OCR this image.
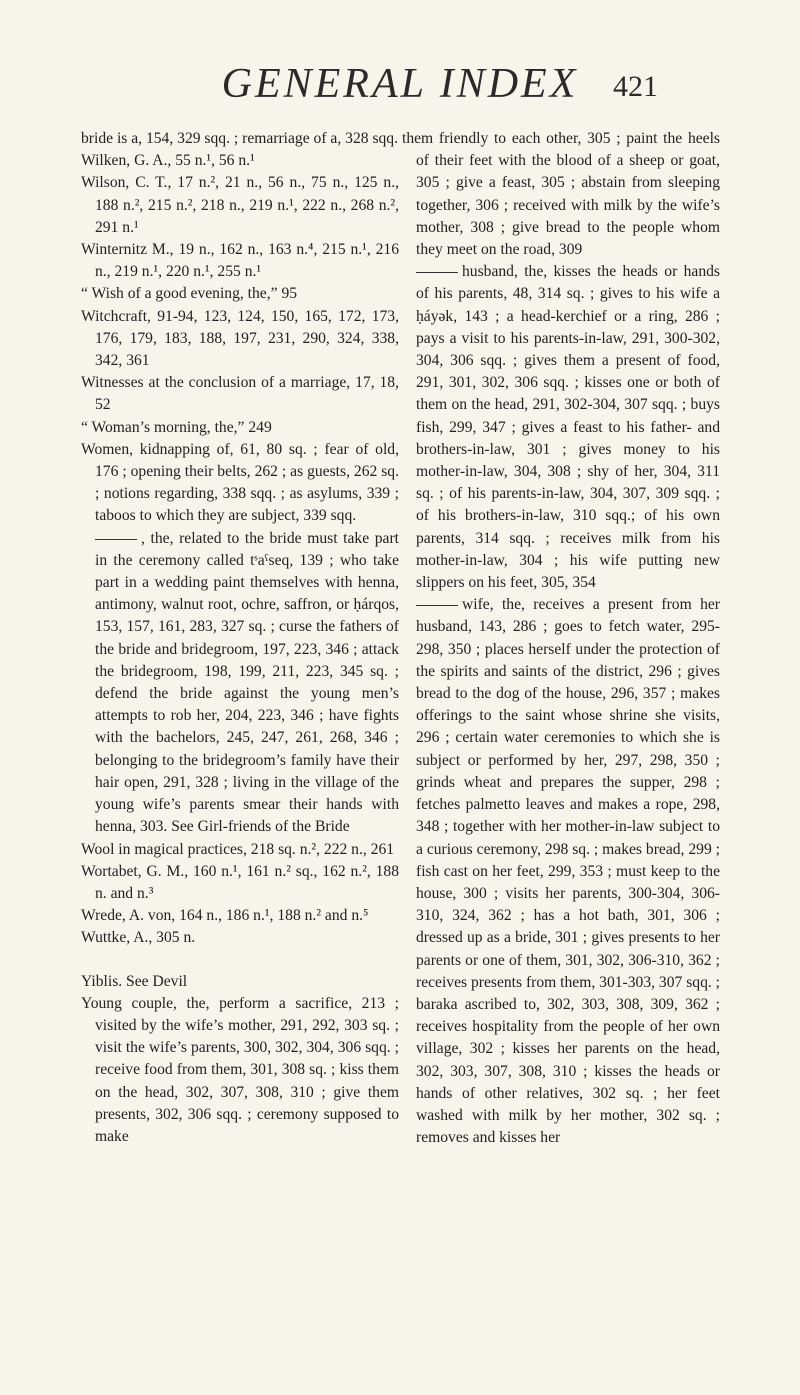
GENERAL INDEX	421

bride is a, 154, 329 sqq. ; remarriage of a, 328 sqq.

Wilken, G. A., 55 n.¹, 56 n.¹

Wilson, C. T., 17 n.², 21 n., 56 n., 75 n., 125 n., 188 n.², 215 n.², 218 n., 219 n.¹, 222 n., 268 n.², 291 n.¹

Winternitz M., 19 n., 162 n., 163 n.⁴, 215 n.¹, 216 n., 219 n.¹, 220 n.¹, 255 n.¹

“ Wish of a good evening, the,” 95

Witchcraft, 91-94, 123, 124, 150, 165, 172, 173, 176, 179, 183, 188, 197, 231, 290, 324, 338, 342, 361

Witnesses at the conclusion of a marriage, 17, 18, 52

“ Woman’s morning, the,” 249

Women, kidnapping of, 61, 80 sq. ; fear of old, 176 ; opening their belts, 262 ; as guests, 262 sq. ; notions regarding, 338 sqq. ; as asylums, 339 ; taboos to which they are subject, 339 sqq.

, the, related to the bride must take part in the ceremony called tˢaˁseq, 139 ; who take part in a wedding paint themselves with henna, antimony, walnut root, ochre, saffron, or ḥárqos, 153, 157, 161, 283, 327 sq. ; curse the fathers of the bride and bridegroom, 197, 223, 346 ; attack the bridegroom, 198, 199, 211, 223, 345 sq. ; defend the bride against the young men’s attempts to rob her, 204, 223, 346 ; have fights with the bachelors, 245, 247, 261, 268, 346 ; belonging to the bridegroom’s family have their hair open, 291, 328 ; living in the village of the young wife’s parents smear their hands with henna, 303. See Girl-friends of the Bride

Wool in magical practices, 218 sq. n.², 222 n., 261

Wortabet, G. M., 160 n.¹, 161 n.² sq., 162 n.², 188 n. and n.³

Wrede, A. von, 164 n., 186 n.¹, 188 n.² and n.⁵

Wuttke, A., 305 n.

Yiblis. See Devil

Young couple, the, perform a sacrifice, 213 ; visited by the wife’s mother, 291, 292, 303 sq. ; visit the wife’s parents, 300, 302, 304, 306 sqq. ; receive food from them, 301, 308 sq. ; kiss them on the head, 302, 307, 308, 310 ; give them presents, 302, 306 sqq. ; ceremony supposed to make

them friendly to each other, 305 ; paint the heels of their feet with the blood of a sheep or goat, 305 ; give a feast, 305 ; abstain from sleeping together, 306 ; received with milk by the wife’s mother, 308 ; give bread to the people whom they meet on the road, 309

husband, the, kisses the heads or hands of his parents, 48, 314 sq. ; gives to his wife a ḥáyǝk, 143 ; a head-kerchief or a ring, 286 ; pays a visit to his parents-in-law, 291, 300-302, 304, 306 sqq. ; gives them a present of food, 291, 301, 302, 306 sqq. ; kisses one or both of them on the head, 291, 302-304, 307 sqq. ; buys fish, 299, 347 ; gives a feast to his father- and brothers-in-law, 301 ; gives money to his mother-in-law, 304, 308 ; shy of her, 304, 311 sq. ; of his parents-in-law, 304, 307, 309 sqq. ; of his brothers-in-law, 310 sqq.; of his own parents, 314 sqq. ; receives milk from his mother-in-law, 304 ; his wife putting new slippers on his feet, 305, 354

wife, the, receives a present from her husband, 143, 286 ; goes to fetch water, 295-298, 350 ; places herself under the protection of the spirits and saints of the district, 296 ; gives bread to the dog of the house, 296, 357 ; makes offerings to the saint whose shrine she visits, 296 ; certain water ceremonies to which she is subject or performed by her, 297, 298, 350 ; grinds wheat and prepares the supper, 298 ; fetches palmetto leaves and makes a rope, 298, 348 ; together with her mother-in-law subject to a curious ceremony, 298 sq. ; makes bread, 299 ; fish cast on her feet, 299, 353 ; must keep to the house, 300 ; visits her parents, 300-304, 306-310, 324, 362 ; has a hot bath, 301, 306 ; dressed up as a bride, 301 ; gives presents to her parents or one of them, 301, 302, 306-310, 362 ; receives presents from them, 301-303, 307 sqq. ; baraka ascribed to, 302, 303, 308, 309, 362 ; receives hospitality from the people of her own village, 302 ; kisses her parents on the head, 302, 303, 307, 308, 310 ; kisses the heads or hands of other relatives, 302 sq. ; her feet washed with milk by her mother, 302 sq. ; removes and kisses her
